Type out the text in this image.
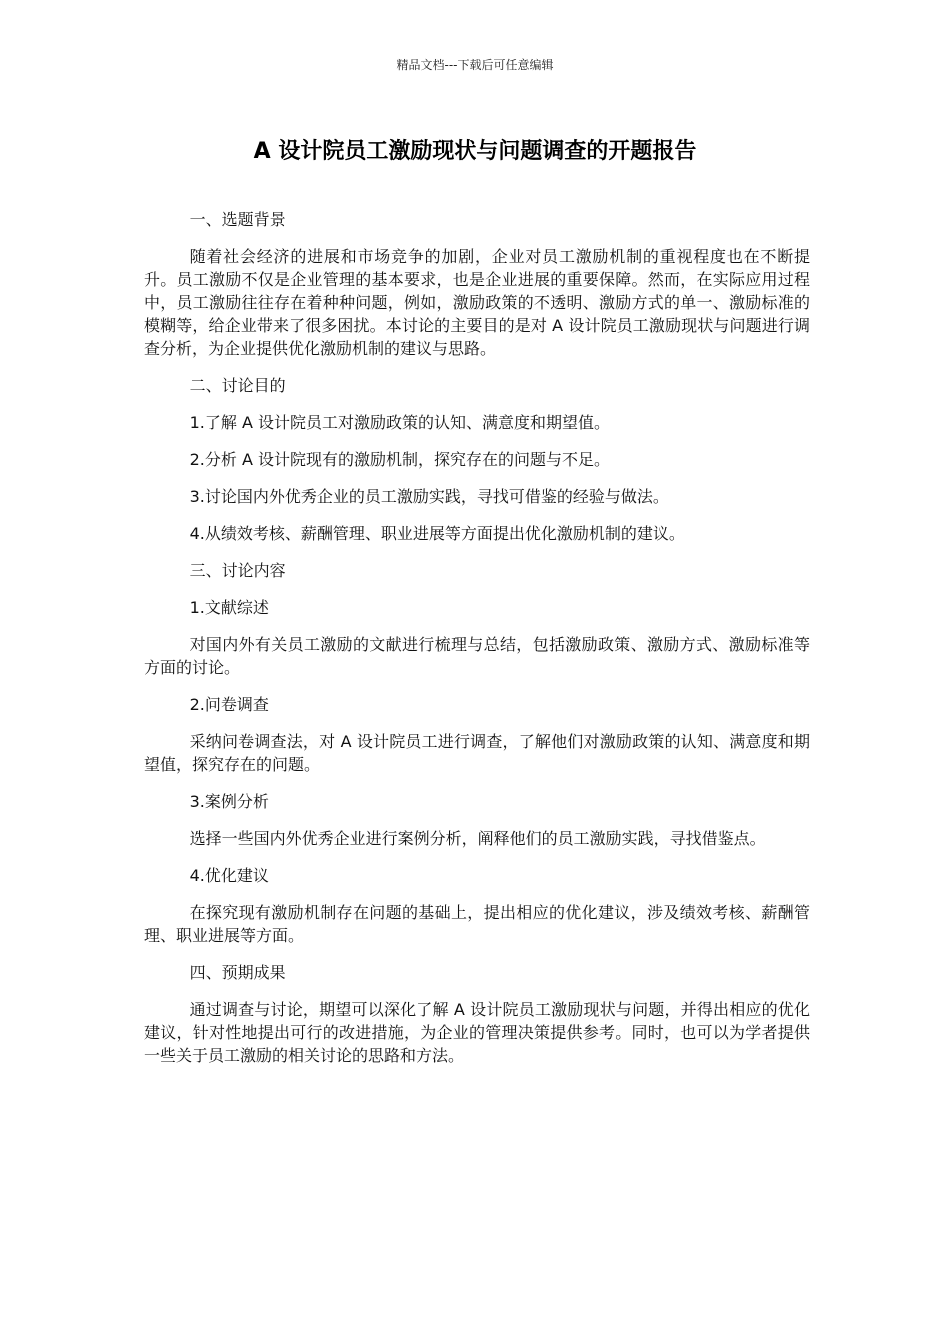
精品文档---下载后可任意编辑
A 设计院员工激励现状与问题调查的开题报告

一、选题背景

随着社会经济的进展和市场竞争的加剧，企业对员工激励机制的重视程度也在不断提升。员工激励不仅是企业管理的基本要求，也是企业进展的重要保障。然而，在实际应用过程中，员工激励往往存在着种种问题，例如，激励政策的不透明、激励方式的单一、激励标准的模糊等，给企业带来了很多困扰。本讨论的主要目的是对 A 设计院员工激励现状与问题进行调查分析，为企业提供优化激励机制的建议与思路。

二、讨论目的

1.了解 A 设计院员工对激励政策的认知、满意度和期望值。

2.分析 A 设计院现有的激励机制，探究存在的问题与不足。

3.讨论国内外优秀企业的员工激励实践，寻找可借鉴的经验与做法。

4.从绩效考核、薪酬管理、职业进展等方面提出优化激励机制的建议。

三、讨论内容

1.文献综述

对国内外有关员工激励的文献进行梳理与总结，包括激励政策、激励方式、激励标准等方面的讨论。

2.问卷调查

采纳问卷调查法，对 A 设计院员工进行调查，了解他们对激励政策的认知、满意度和期望值，探究存在的问题。

3.案例分析

选择一些国内外优秀企业进行案例分析，阐释他们的员工激励实践，寻找借鉴点。

4.优化建议

在探究现有激励机制存在问题的基础上，提出相应的优化建议，涉及绩效考核、薪酬管理、职业进展等方面。

四、预期成果

通过调查与讨论，期望可以深化了解 A 设计院员工激励现状与问题，并得出相应的优化建议，针对性地提出可行的改进措施，为企业的管理决策提供参考。同时，也可以为学者提供一些关于员工激励的相关讨论的思路和方法。
